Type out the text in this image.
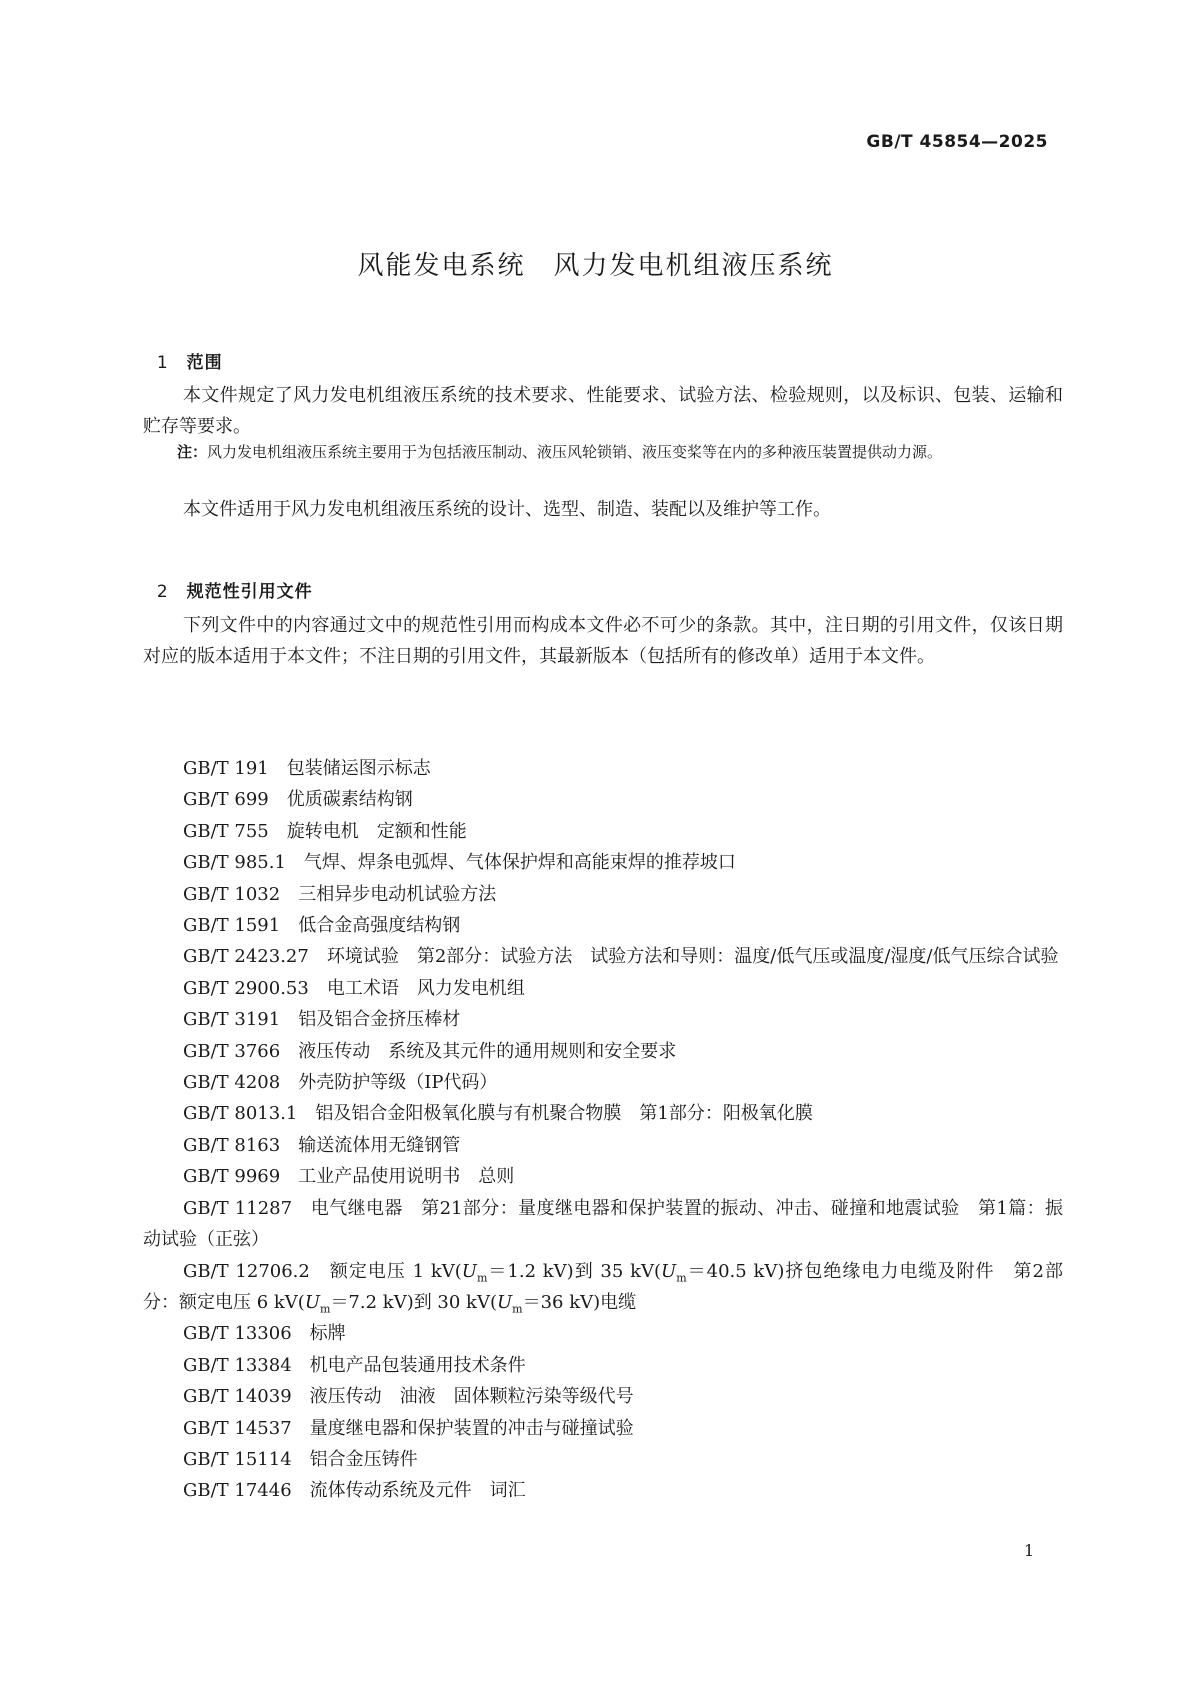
GB/T 45854—2025
风能发电系统　风力发电机组液压系统

1 范围

本文件规定了风力发电机组液压系统的技术要求、性能要求、试验方法、检验规则，以及标识、包装、运输和贮存等要求。
注：风力发电机组液压系统主要用于为包括液压制动、液压风轮锁销、液压变桨等在内的多种液压装置提供动力源。
本文件适用于风力发电机组液压系统的设计、选型、制造、装配以及维护等工作。

2 规范性引用文件

下列文件中的内容通过文中的规范性引用而构成本文件必不可少的条款。其中，注日期的引用文件，仅该日期对应的版本适用于本文件；不注日期的引用文件，其最新版本（包括所有的修改单）适用于本文件。
GB/T 191　包装储运图示标志
GB/T 699　优质碳素结构钢
GB/T 755　旋转电机　定额和性能
GB/T 985.1　气焊、焊条电弧焊、气体保护焊和高能束焊的推荐坡口
GB/T 1032　三相异步电动机试验方法
GB/T 1591　低合金高强度结构钢
GB/T 2423.27　环境试验　第2部分：试验方法　试验方法和导则：温度/低气压或温度/湿度/低气压综合试验
GB/T 2900.53　电工术语　风力发电机组
GB/T 3191　铝及铝合金挤压棒材
GB/T 3766　液压传动　系统及其元件的通用规则和安全要求
GB/T 4208　外壳防护等级（IP代码）
GB/T 8013.1　铝及铝合金阳极氧化膜与有机聚合物膜　第1部分：阳极氧化膜
GB/T 8163　输送流体用无缝钢管
GB/T 9969　工业产品使用说明书　总则
GB/T 11287　电气继电器　第21部分：量度继电器和保护装置的振动、冲击、碰撞和地震试验　第1篇：振动试验（正弦）
GB/T 12706.2　额定电压 1 $kV(U_m=1.2$ kV)到 35 $kV(U_m=40.5$ kV)挤包绝缘电力电缆及附件　第2部分：额定电压 6 $kV(U_m=7.2$ kV)到 30 $kV(U_m=36$ kV)电缆
GB/T 13306　标牌
GB/T 13384　机电产品包装通用技术条件
GB/T 14039　液压传动　油液　固体颗粒污染等级代号
GB/T 14537　量度继电器和保护装置的冲击与碰撞试验
GB/T 15114　铝合金压铸件
GB/T 17446　流体传动系统及元件　词汇
1
